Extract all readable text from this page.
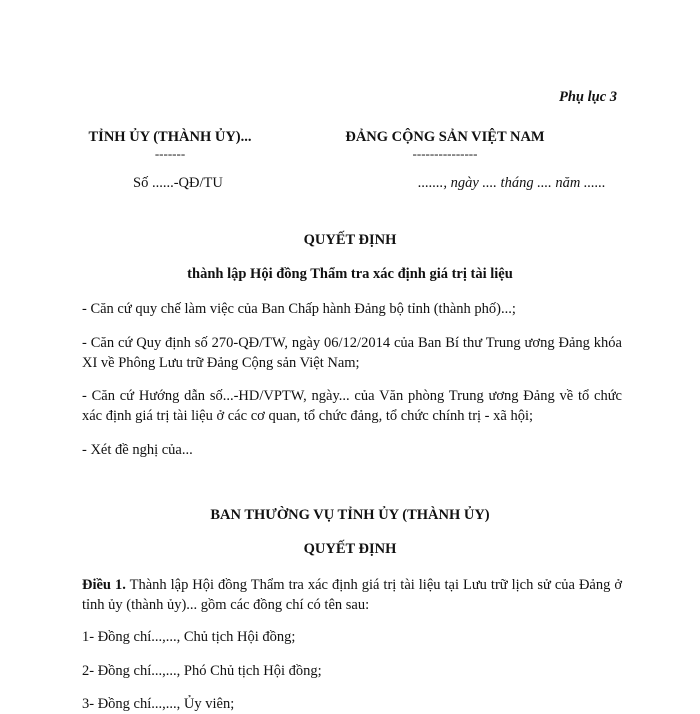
Phụ lục 3
TỈNH ỦY (THÀNH ỦY)...
-------
ĐẢNG CỘNG SẢN VIỆT NAM
---------------
Số ......-QĐ/TU	......., ngày .... tháng .... năm ......
QUYẾT ĐỊNH
thành lập Hội đồng Thẩm tra xác định giá trị tài liệu
- Căn cứ quy chế làm việc của Ban Chấp hành Đảng bộ tỉnh (thành phố)...;
- Căn cứ Quy định số 270-QĐ/TW, ngày 06/12/2014 của Ban Bí thư Trung ương Đảng khóa XI về Phông Lưu trữ Đảng Cộng sản Việt Nam;
- Căn cứ Hướng dẫn số...-HD/VPTW, ngày... của Văn phòng Trung ương Đảng về tổ chức xác định giá trị tài liệu ở các cơ quan, tổ chức đảng, tổ chức chính trị - xã hội;
- Xét đề nghị của...
BAN THƯỜNG VỤ TỈNH ỦY (THÀNH ỦY)
QUYẾT ĐỊNH
Điều 1. Thành lập Hội đồng Thẩm tra xác định giá trị tài liệu tại Lưu trữ lịch sử của Đảng ở tỉnh ủy (thành ủy)... gồm các đồng chí có tên sau:
1- Đồng chí...,..., Chủ tịch Hội đồng;
2- Đồng chí...,..., Phó Chủ tịch Hội đồng;
3- Đồng chí...,..., Ủy viên;
